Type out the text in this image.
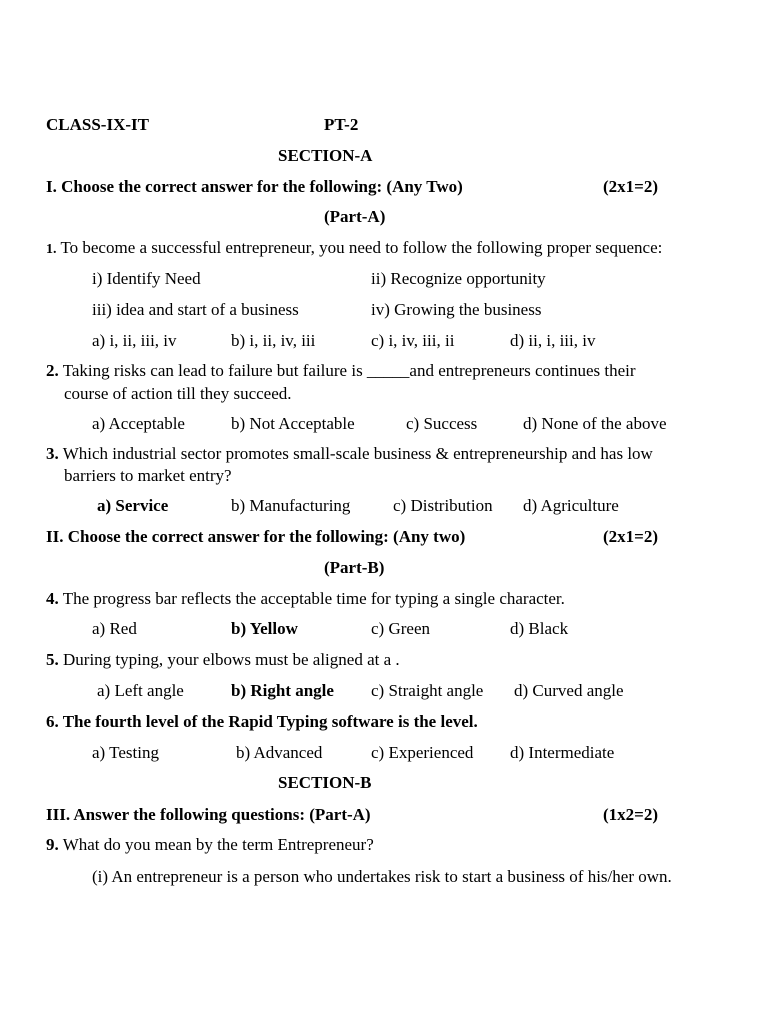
CLASS-IX-IT	PT-2
SECTION-A
I. Choose the correct answer for the following: (Any Two)	(2x1=2)
(Part-A)
1. To become a successful entrepreneur, you need to follow the following proper sequence:
i) Identify Need	ii) Recognize opportunity
iii) idea and start of a business	iv) Growing the business
a) i, ii, iii, iv	b) i, ii, iv, iii	c) i, iv, iii, ii	d) ii, i, iii, iv
2. Taking risks can lead to failure but failure is _____and entrepreneurs continues their
course of action till they succeed.
a) Acceptable	b) Not Acceptable	c) Success	d) None of the above
3. Which industrial sector promotes small-scale business & entrepreneurship and has low
barriers to market entry?
a) Service	b) Manufacturing	c) Distribution d) Agriculture
II. Choose the correct answer for the following: (Any two)	(2x1=2)
(Part-B)
4. The progress bar reflects the acceptable time for typing a single character.
a) Red	b) Yellow	c) Green	d) Black
5. During typing, your elbows must be aligned at a .
a) Left angle	b) Right angle c) Straight angle d) Curved angle
6. The fourth level of the Rapid Typing software is the level.
a) Testing	b) Advanced	c) Experienced d) Intermediate
SECTION-B
III. Answer the following questions: (Part-A)	(1x2=2)
9. What do you mean by the term Entrepreneur?
(i) An entrepreneur is a person who undertakes risk to start a business of his/her own.
